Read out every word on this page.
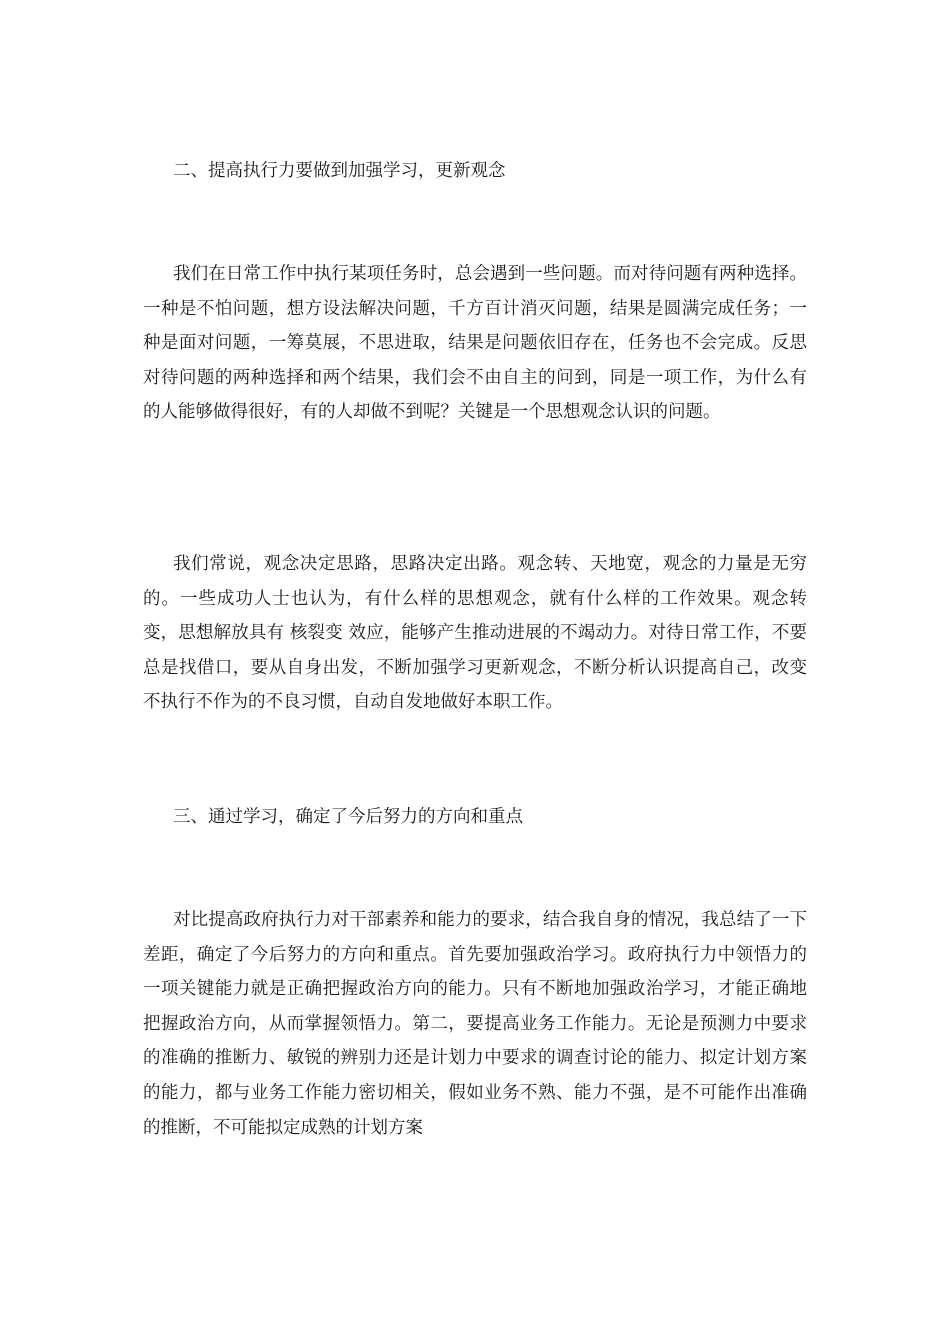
二、提高执行力要做到加强学习，更新观念

我们在日常工作中执行某项任务时，总会遇到一些问题。而对待问题有两种选择。一种是不怕问题，想方设法解决问题，千方百计消灭问题，结果是圆满完成任务；一种是面对问题，一筹莫展，不思进取，结果是问题依旧存在，任务也不会完成。反思对待问题的两种选择和两个结果，我们会不由自主的问到，同是一项工作，为什么有的人能够做得很好，有的人却做不到呢？关键是一个思想观念认识的问题。

我们常说，观念决定思路，思路决定出路。观念转、天地宽，观念的力量是无穷的。一些成功人士也认为，有什么样的思想观念，就有什么样的工作效果。观念转变，思想解放具有 核裂变 效应，能够产生推动进展的不竭动力。对待日常工作，不要总是找借口，要从自身出发，不断加强学习更新观念，不断分析认识提高自己，改变不执行不作为的不良习惯，自动自发地做好本职工作。

三、通过学习，确定了今后努力的方向和重点

对比提高政府执行力对干部素养和能力的要求，结合我自身的情况，我总结了一下差距，确定了今后努力的方向和重点。首先要加强政治学习。政府执行力中领悟力的一项关键能力就是正确把握政治方向的能力。只有不断地加强政治学习，才能正确地把握政治方向，从而掌握领悟力。第二，要提高业务工作能力。无论是预测力中要求的准确的推断力、敏锐的辨别力还是计划力中要求的调查讨论的能力、拟定计划方案的能力，都与业务工作能力密切相关，假如业务不熟、能力不强，是不可能作出准确的推断，不可能拟定成熟的计划方案
